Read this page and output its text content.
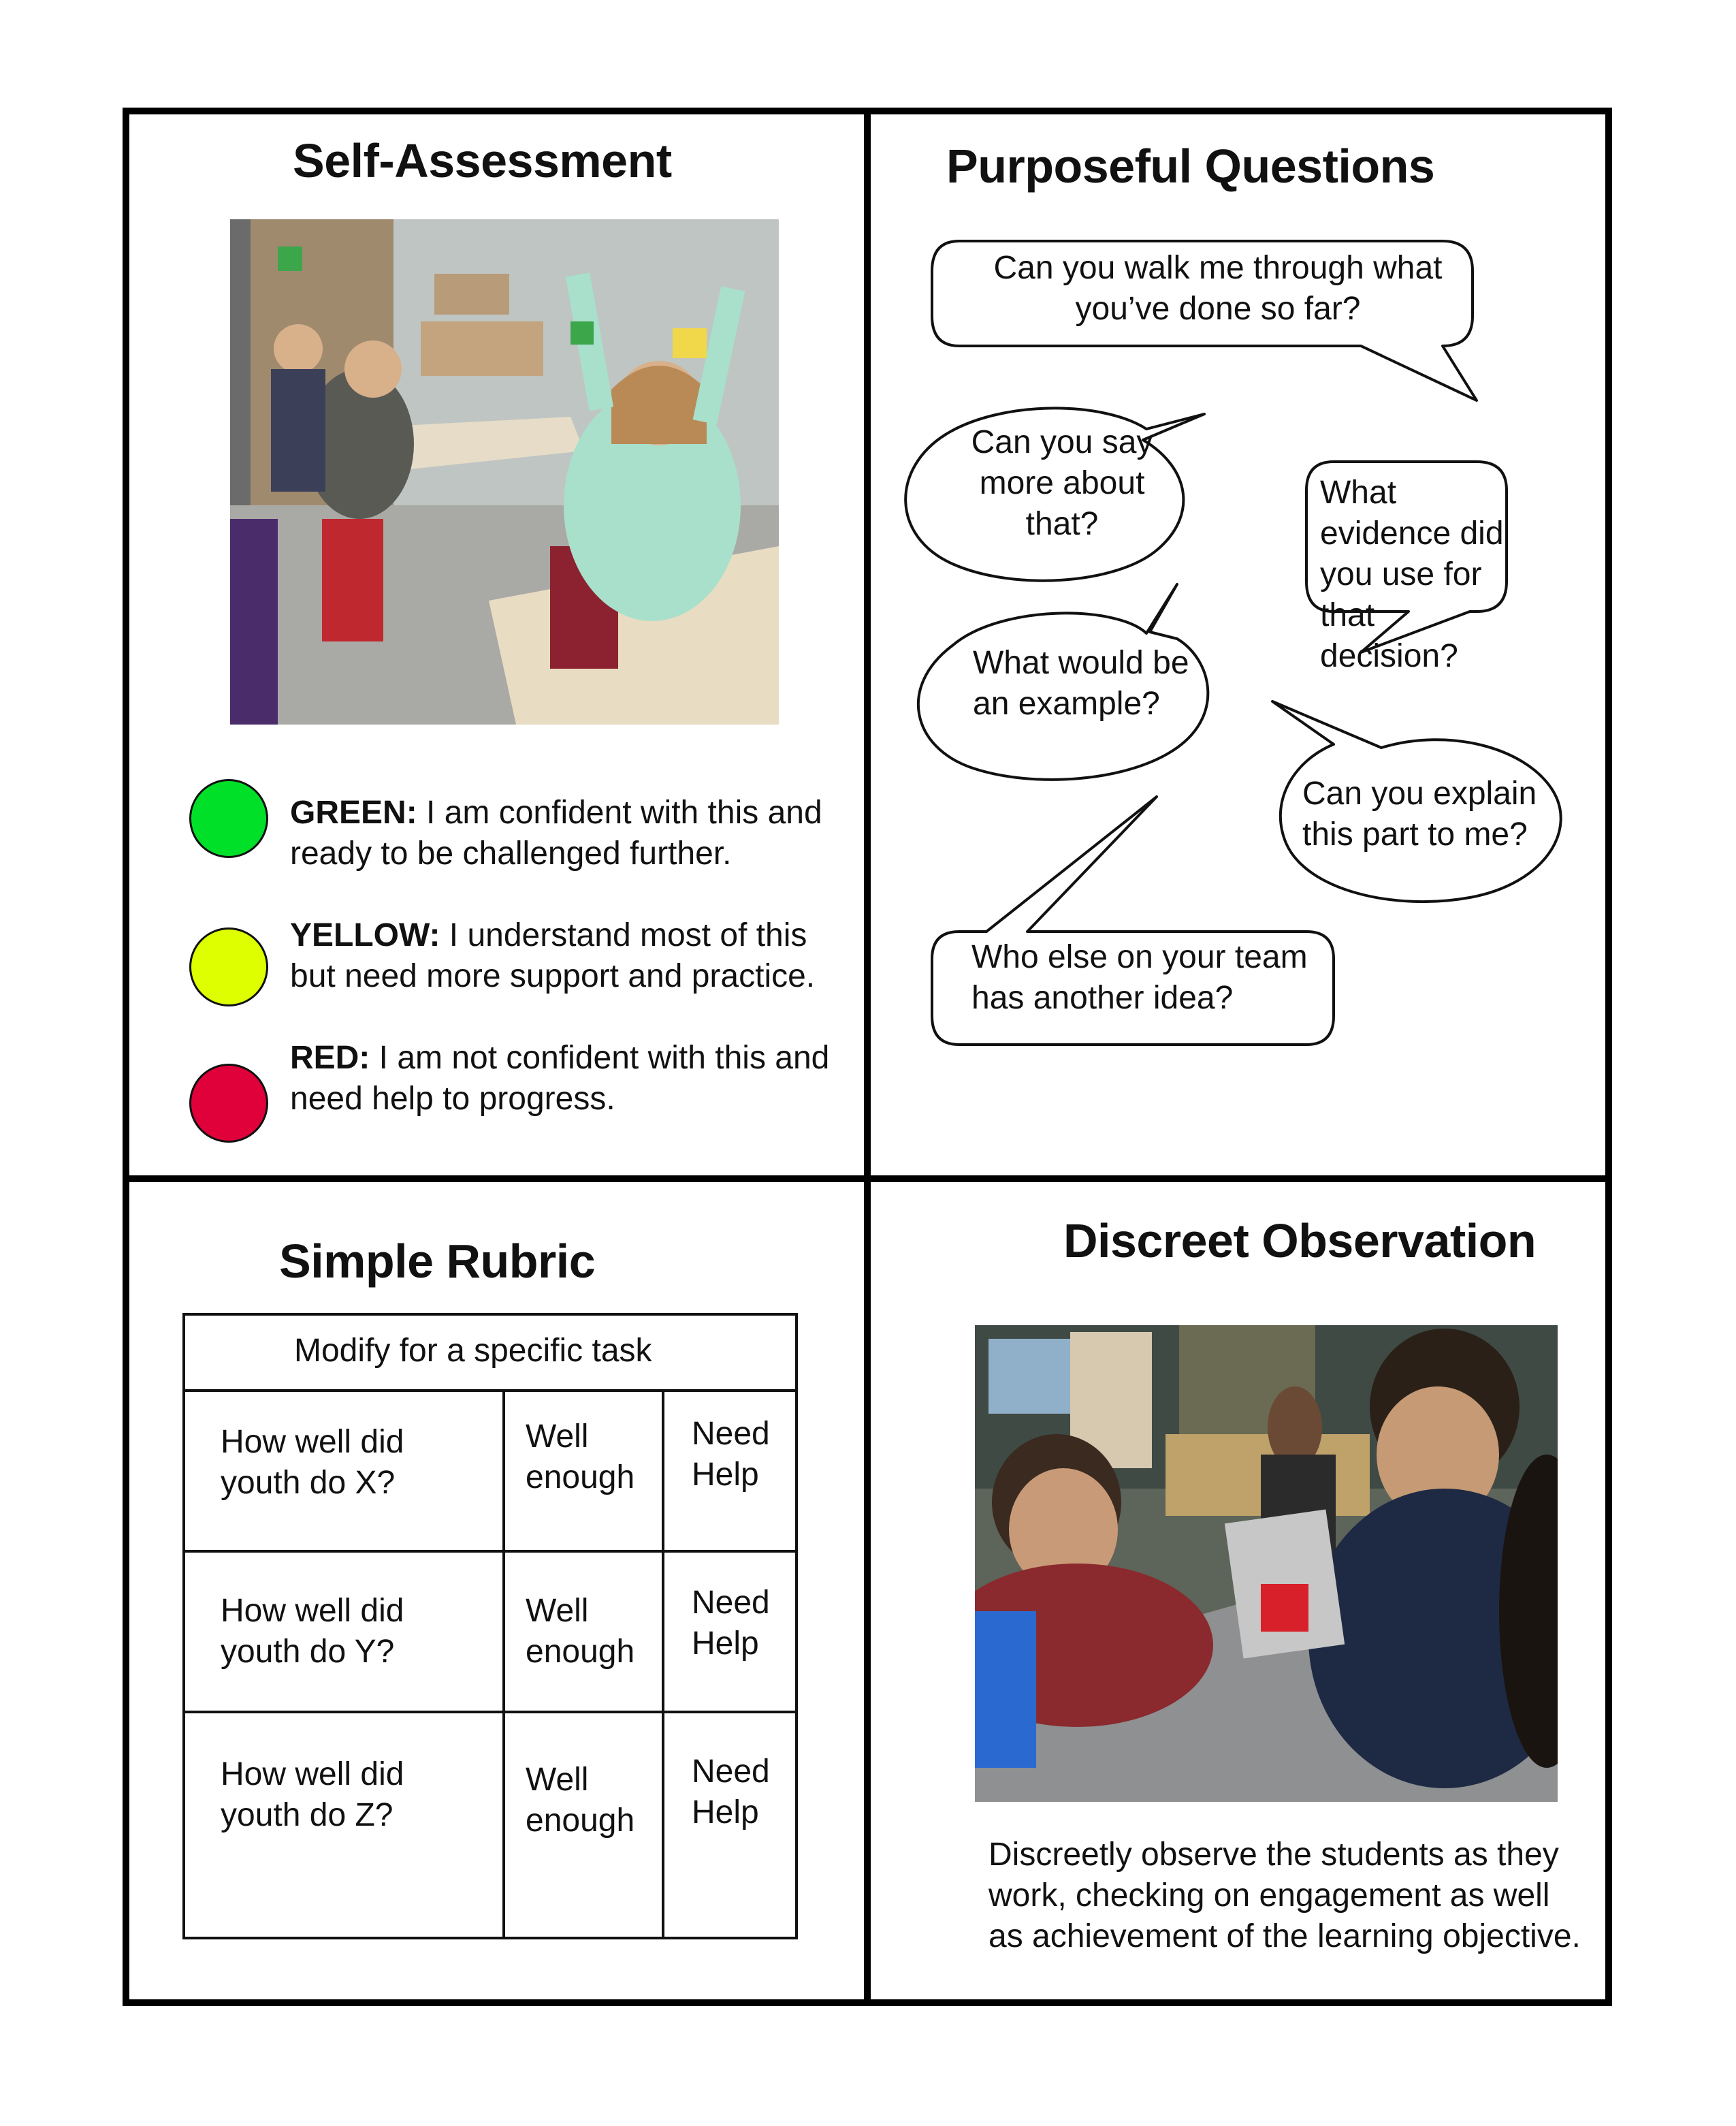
Self-Assessment
GREEN: I am confident with this and ready to be challenged further.
YELLOW: I understand most of this but need more support and practice.
RED: I am not confident with this and need help to progress.
Purposeful Questions
Can you walk me through what you’ve done so far?
Can you say more about that?
What evidence did you use for that decision?
What would be an example?
Can you explain this part to me?
Who else on your team has another idea?
Simple Rubric
Modify for a specific task
How well did youth do X?
Well enough
Need Help
How well did youth do Y?
Well enough
Need Help
How well did youth do Z?
Well enough
Need Help
Discreet Observation
Discreetly observe the students as they work, checking on engagement as well as achievement of the learning objective.
